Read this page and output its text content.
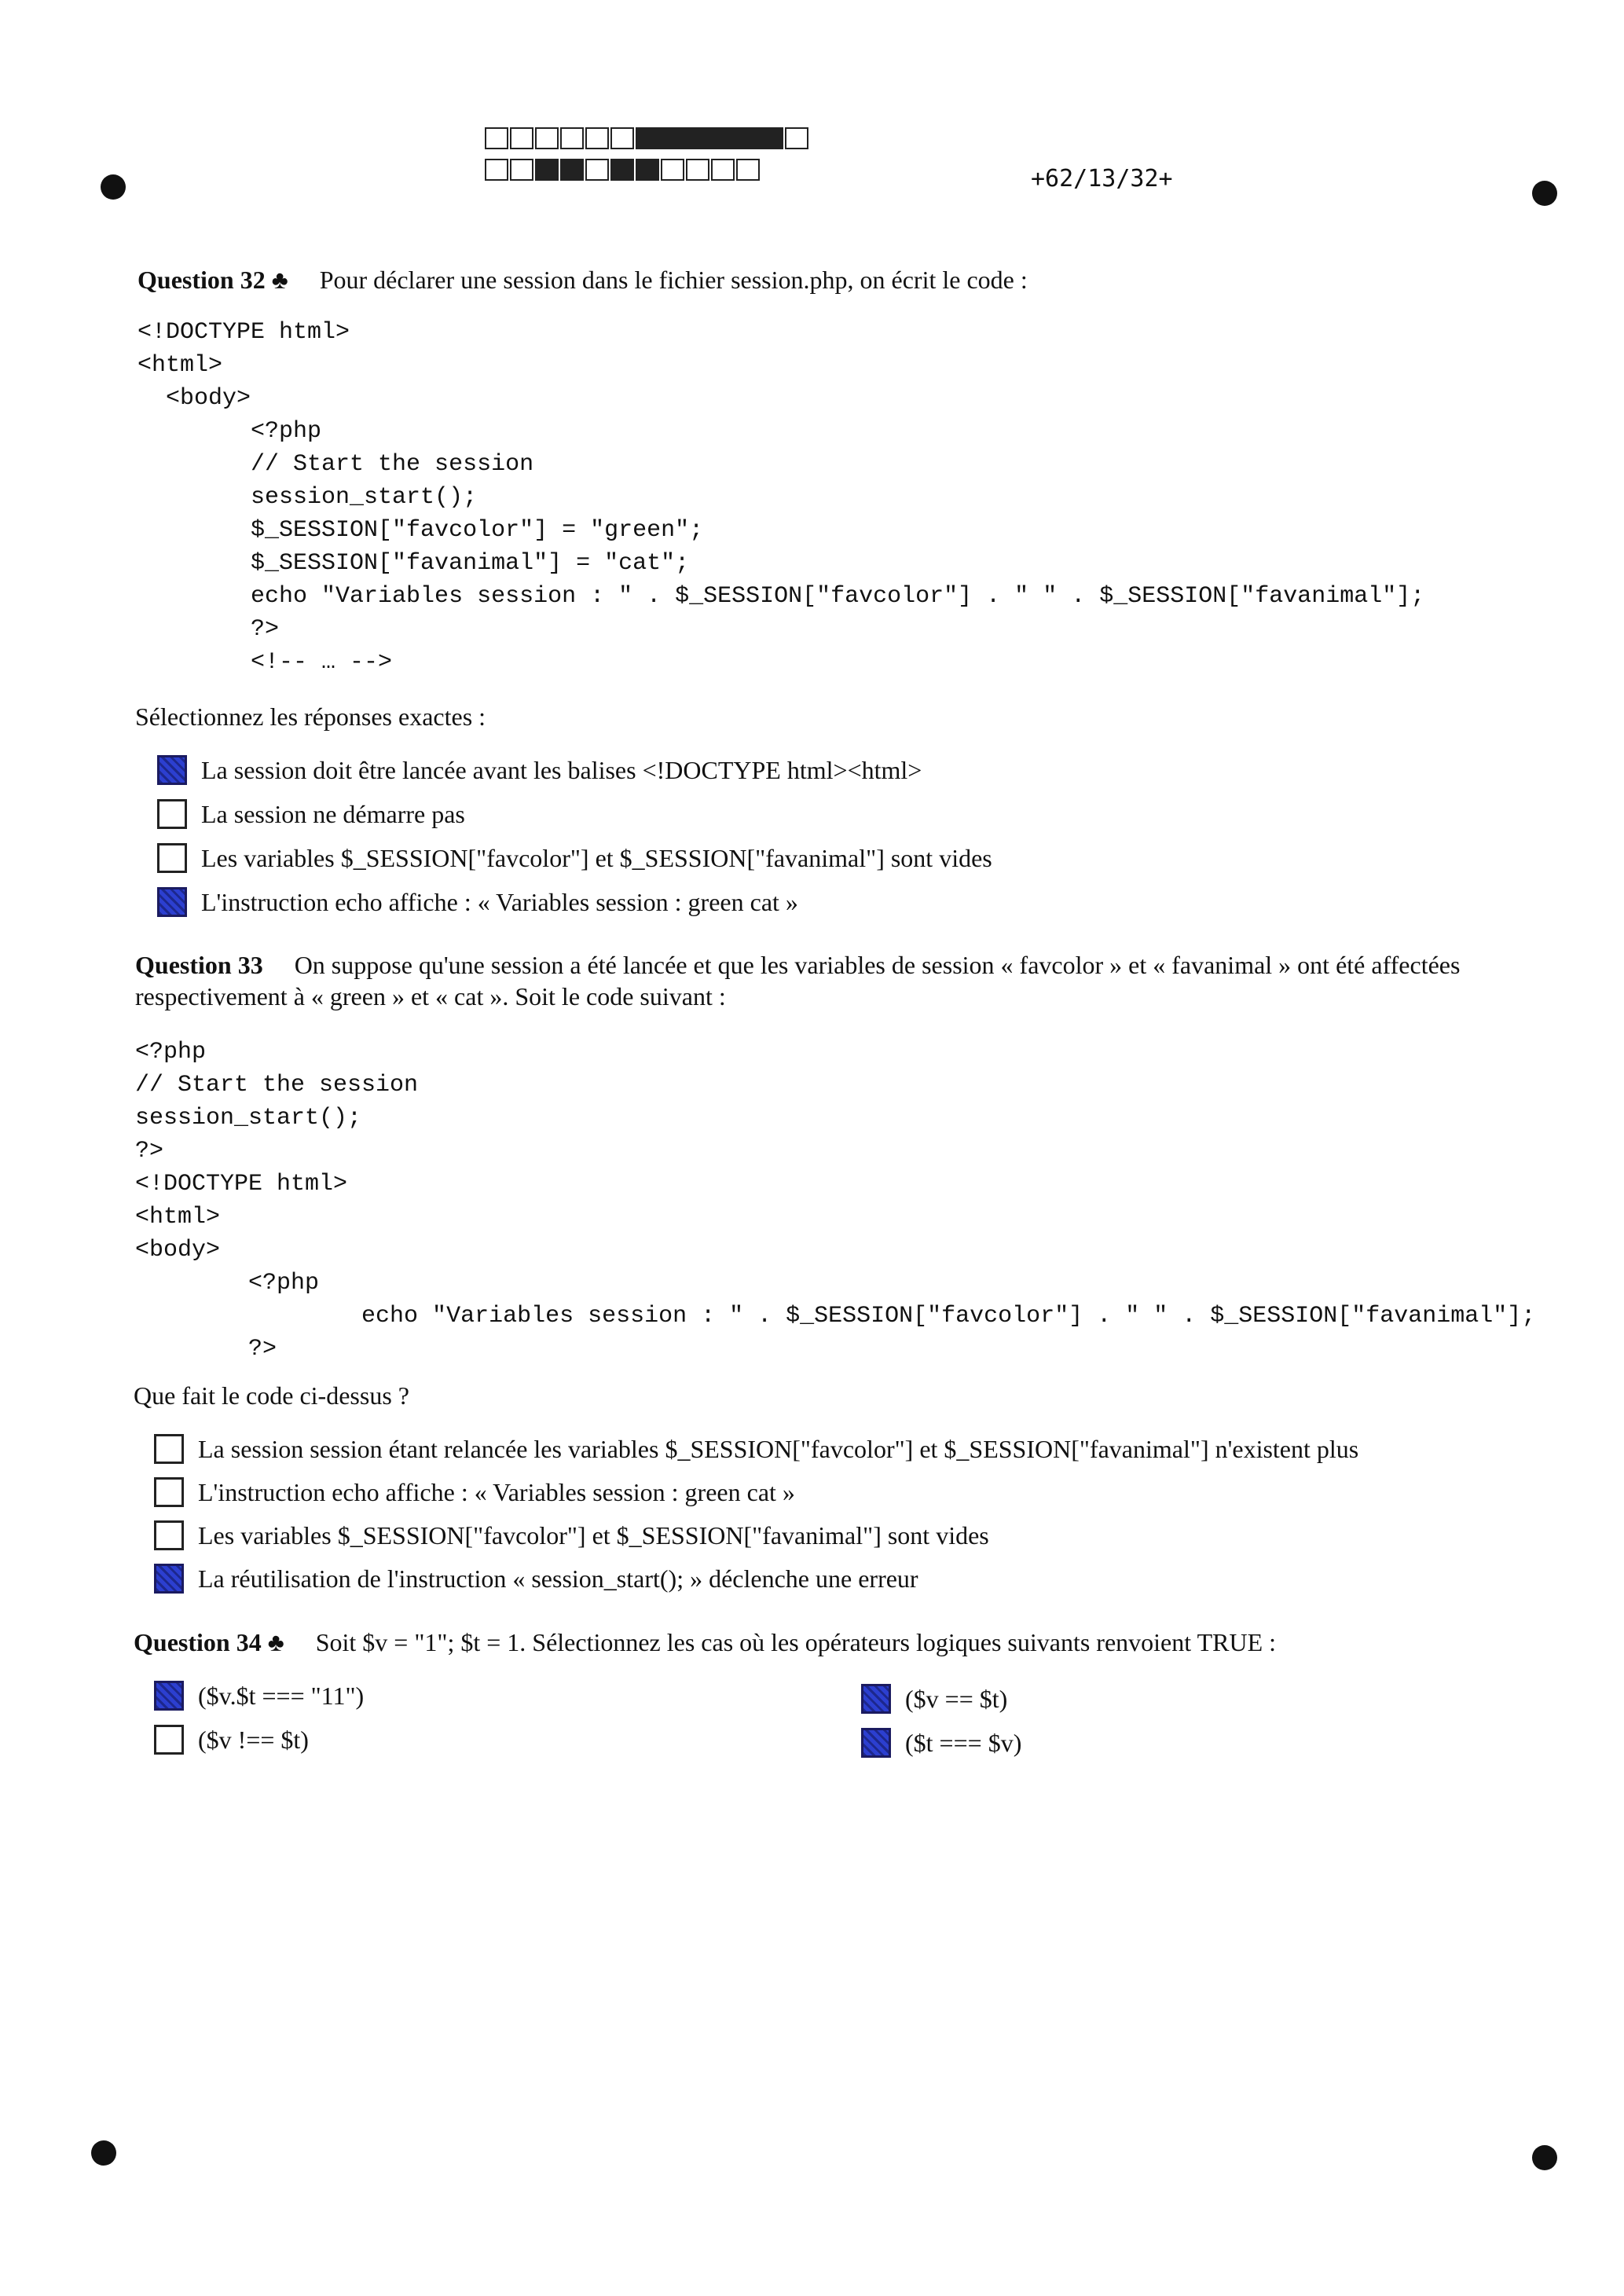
+62/13/32+
Question 32 ♣ Pour déclarer une session dans le fichier session.php, on écrit le code :
<!DOCTYPE html>
<html>
<body>
<?php
// Start the session
session_start();
$_SESSION["favcolor"] = "green";
$_SESSION["favanimal"] = "cat";
echo "Variables session : " . $_SESSION["favcolor"] . " " . $_SESSION["favanimal"];
?>
<!-- … -->
Sélectionnez les réponses exactes :
La session doit être lancée avant les balises <!DOCTYPE html><html>
La session ne démarre pas
Les variables $_SESSION["favcolor"] et $_SESSION["favanimal"] sont vides
L'instruction echo affiche : « Variables session : green cat »
Question 33 On suppose qu'une session a été lancée et que les variables de session « favcolor » et « favanimal » ont été affectées respectivement à « green » et « cat ». Soit le code suivant :
<?php
// Start the session
session_start();
?>
<!DOCTYPE html>
<html>
<body>
<?php
echo "Variables session : " . $_SESSION["favcolor"] . " " . $_SESSION["favanimal"];
?>
Que fait le code ci-dessus ?
La session session étant relancée les variables $_SESSION["favcolor"] et $_SESSION["favanimal"] n'existent plus
L'instruction echo affiche : « Variables session : green cat »
Les variables $_SESSION["favcolor"] et $_SESSION["favanimal"] sont vides
La réutilisation de l'instruction « session_start(); » déclenche une erreur
Question 34 ♣ Soit $v = "1"; $t = 1. Sélectionnez les cas où les opérateurs logiques suivants renvoient TRUE :
($v.$t === "11")	($v == $t)
($v !== $t)	($t === $v)
